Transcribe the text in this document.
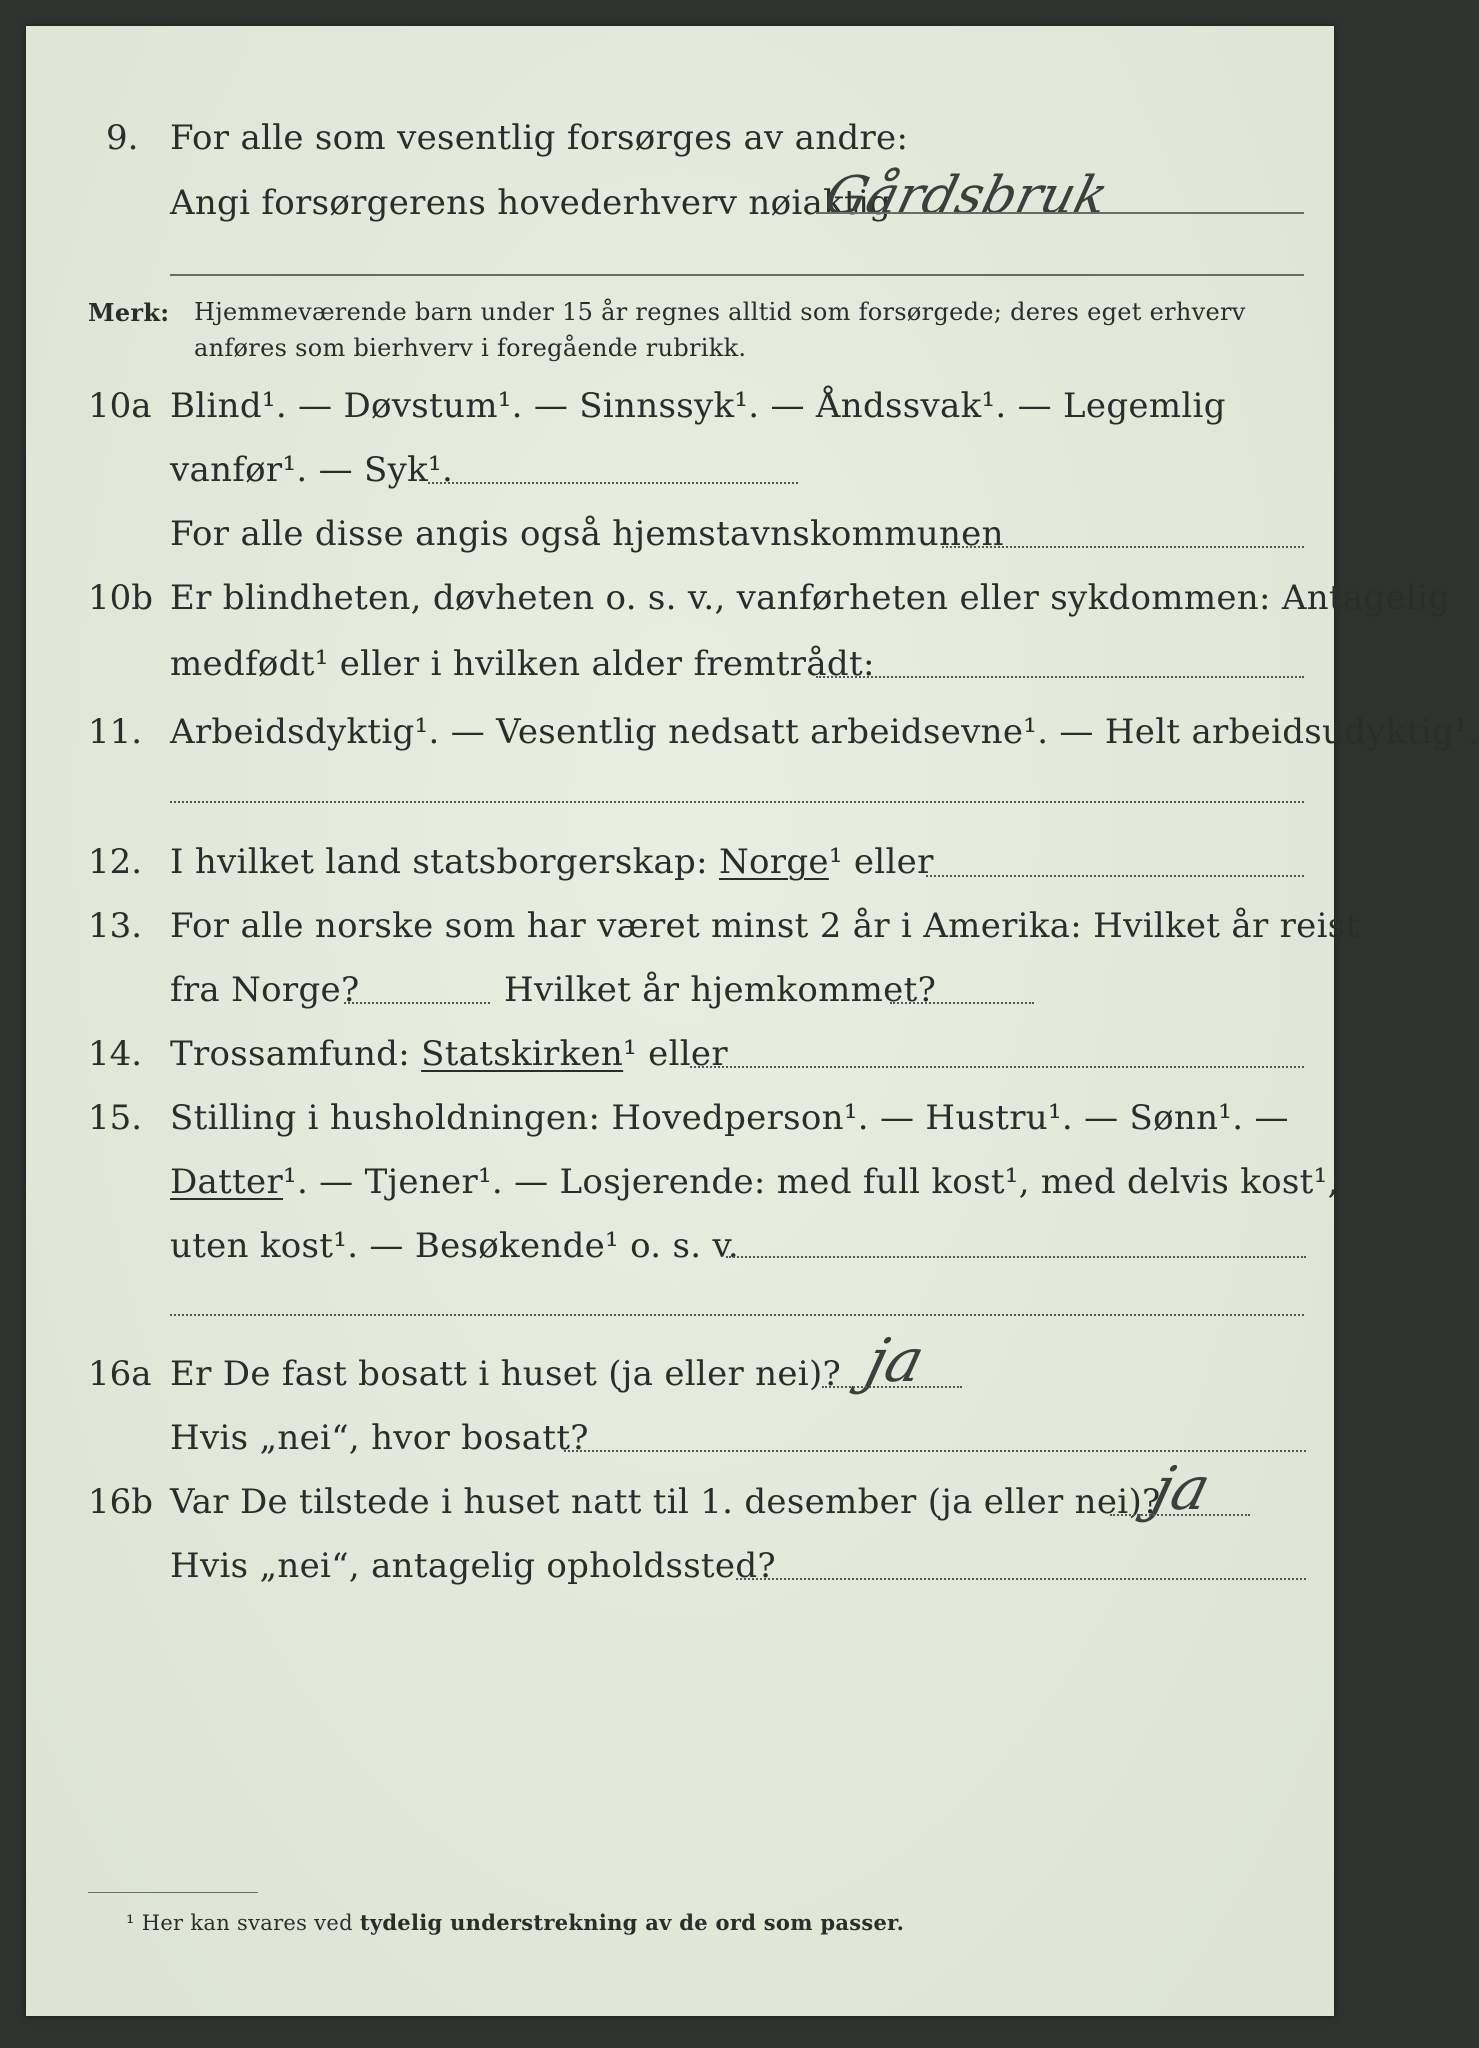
9. For alle som vesentlig forsørges av andre:
Angi forsørgerens hovederhverv nøiaktig
Gårdsbruk
Merk: Hjemmeværende barn under 15 år regnes alltid som forsørgede; deres eget erhverv
anføres som bierhverv i foregående rubrikk.
10a Blind¹. — Døvstum¹. — Sinnssyk¹. — Åndssvak¹. — Legemlig
vanfør¹. — Syk¹.
For alle disse angis også hjemstavnskommunen
10b Er blindheten, døvheten o. s. v., vanførheten eller sykdommen: Antagelig
medfødt¹ eller i hvilken alder fremtrådt:
11. Arbeidsdyktig¹. — Vesentlig nedsatt arbeidsevne¹. — Helt arbeidsudyktig¹.
12. I hvilket land statsborgerskap: Norge¹ eller
13. For alle norske som har været minst 2 år i Amerika: Hvilket år reist
fra Norge?	Hvilket år hjemkommet?
14. Trossamfund: Statskirken¹ eller
15. Stilling i husholdningen: Hovedperson¹. — Hustru¹. — Sønn¹. —
Datter¹. — Tjener¹. — Losjerende: med full kost¹, med delvis kost¹,
uten kost¹. — Besøkende¹ o. s. v.
16a Er De fast bosatt i huset (ja eller nei)? ja
Hvis „nei“, hvor bosatt?
16b Var De tilstede i huset natt til 1. desember (ja eller nei)?
ja
Hvis „nei“, antagelig opholdssted?
¹ Her kan svares ved tydelig understrekning av de ord som passer.
